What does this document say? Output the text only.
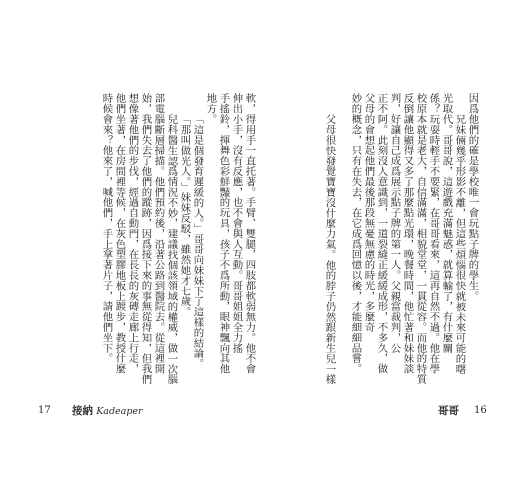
軟，得用手一直托著。手臂、雙腿，四肢都軟弱無力。他不會
伸出小手，沒有反應，也不會與人互動。哥哥姐姐全力搖
手搖鈴，揮舞色彩鮮豔的玩具，孩子不爲所動，眼神飄向其他
地方。
「這是個發育遲緩的人。」哥哥向妹妹下了這樣的結論。
「那叫做光人。」妹妹反駁，雖然她才七歲。
兒科醫生認爲情況不妙，建議找個該領域的權威，做一次腦
部電腦斷層掃描。他們預約後，沿著公路到醫院去。從這裡開
始，我們失去了他們的蹤跡，因爲接下來的事無從得知，但我們
想像著他們的步伐，經過自動門，在長長的灰磚走廊上行走，
他們坐著，在房間裡等候，在灰色塑膠地板上踱步，教授什麼
時候會來？他來了，喊他們，手上拿著片子，請他們坐下。
17 接納 Kadeaper
因爲他們的確是學校唯一會玩點子牌的學生。
兄妹倆幾乎形影不離，但這些煩惱很快就被未來可能的曙
光取代。哥哥說，這遊戲充滿魅惑，就算輸了，有什麼關
係？玩耍時輕手不要緊，在哥哥看來，這再自然不過。他在學
校原本就是老大，自信滿滿，相貌堂堂，一貫從容。而他的特質
反倒讓他顯得又多了那麼點光環，晚餐時間，他忙著和妹妹談
判，好讓自己成爲展示點子牌的第一人。父親當裁判，公
正不阿。此刻沒人意識到，一道裂縫正緩緩成形，不多久，做
父母的會想起他們最後那段無憂無慮的時光，多麼奇
妙的概念，只有在失去，在它成爲回憶以後，才能細細品嘗。
父母很快發覺寶寶沒什麼力氣。他的脖子仍然跟新生兒一樣
哥哥 16
